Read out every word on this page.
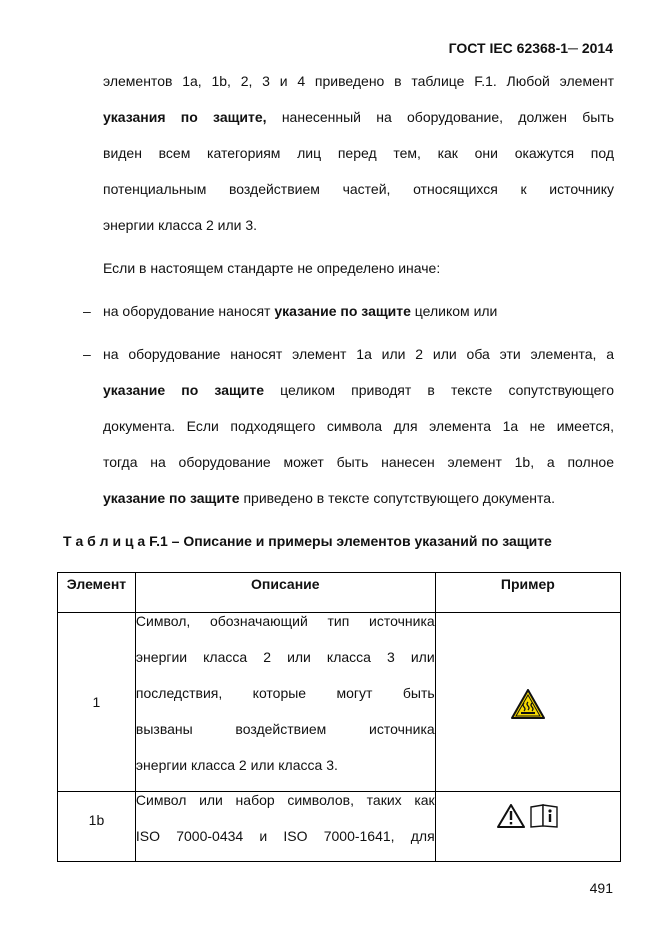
ГОСТ IEC 62368-1─ 2014
элементов 1а, 1b, 2, 3 и 4 приведено в таблице F.1. Любой элемент
указания по защите, нанесенный на оборудование, должен быть
виден всем категориям лиц перед тем, как они окажутся под
потенциальным воздействием частей, относящихся к источнику
энергии класса 2 или 3.
Если в настоящем стандарте не определено иначе:
– на оборудование наносят указание по защите целиком или
– на оборудование наносят элемент 1а или 2 или оба эти элемента, а
указание по защите целиком приводят в тексте сопутствующего
документа. Если подходящего символа для элемента 1а не имеется,
тогда на оборудование может быть нанесен элемент 1b, а полное
указание по защите приведено в тексте сопутствующего документа.
Т а б л и ц а F.1 – Описание и примеры элементов указаний по защите
Элемент	Описание	Пример
1	Символ, обозначающий тип источника
энергии класса 2 или класса 3 или
последствия, которые могут быть
вызваны воздействием источника
энергии класса 2 или класса 3.

1b	Символ или набор символов, таких как
ISO 7000-0434 и ISO 7000-1641, для

491
